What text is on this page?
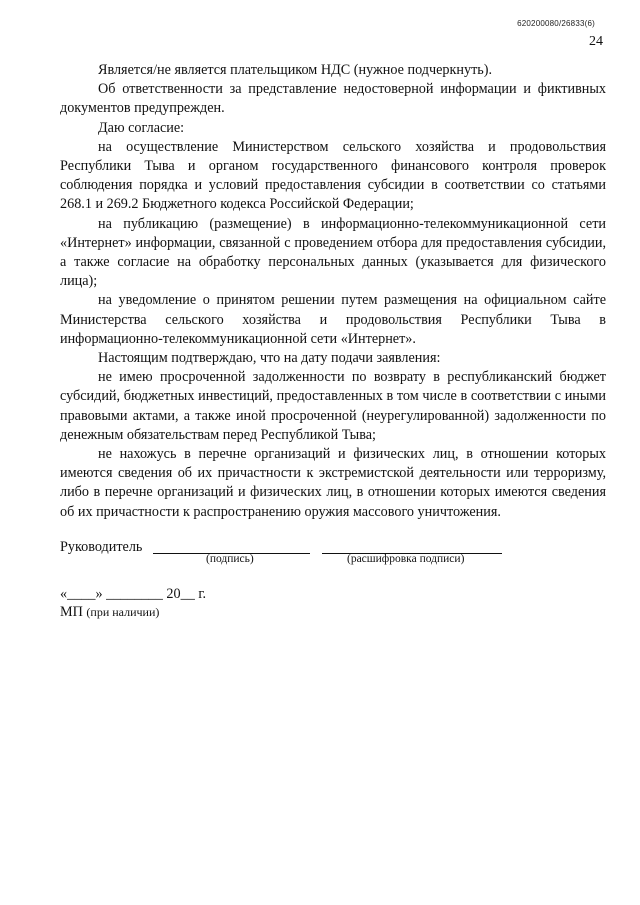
620200080/26833(6)
24

Является/не является плательщиком НДС (нужное подчеркнуть).

Об ответственности за представление недостоверной информации и фиктивных документов предупрежден.

Даю согласие:

на осуществление Министерством сельского хозяйства и продовольствия Республики Тыва и органом государственного финансового контроля проверок соблюдения порядка и условий предоставления субсидии в соответствии со статьями 268.1 и 269.2 Бюджетного кодекса Российской Федерации;

на публикацию (размещение) в информационно-телекоммуникационной сети «Интернет» информации, связанной с проведением отбора для предоставления субсидии, а также согласие на обработку персональных данных (указывается для физического лица);

на уведомление о принятом решении путем размещения на официальном сайте Министерства сельского хозяйства и продовольствия Республики Тыва в информационно-телекоммуникационной сети «Интернет».

Настоящим подтверждаю, что на дату подачи заявления:

не имею просроченной задолженности по возврату в республиканский бюджет субсидий, бюджетных инвестиций, предоставленных в том числе в соответствии с иными правовыми актами, а также иной просроченной (неурегулированной) задолженности по денежным обязательствам перед Республикой Тыва;

не нахожусь в перечне организаций и физических лиц, в отношении которых имеются сведения об их причастности к экстремистской деятельности или терроризму, либо в перечне организаций и физических лиц, в отношении которых имеются сведения об их причастности к распространению оружия массового уничтожения.

Руководитель
(подпись)	(расшифровка подписи)
«____» ________ 20__ г.
МП (при наличии)
